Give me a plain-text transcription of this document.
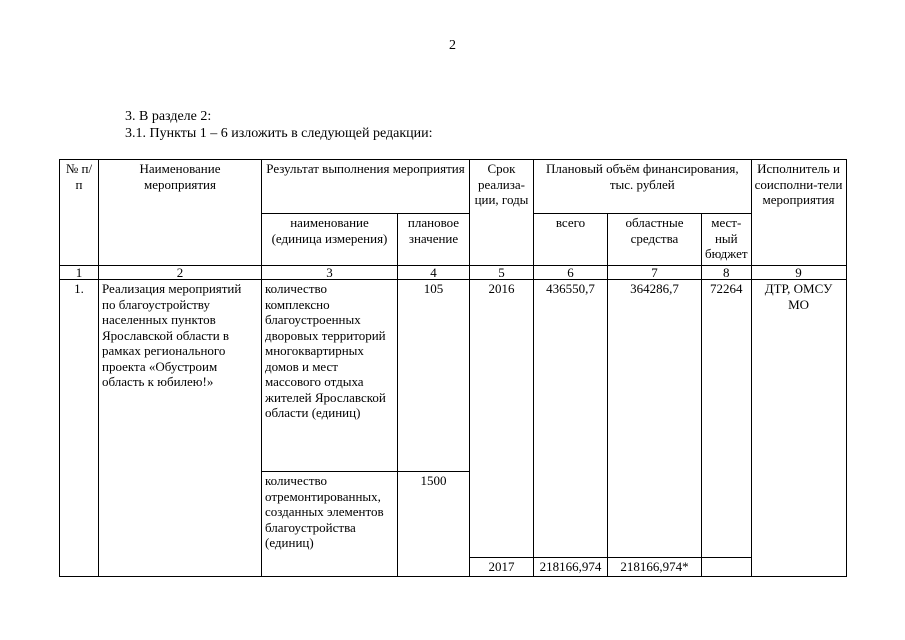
2
3. В разделе 2:
3.1. Пункты 1 – 6 изложить в следующей редакции:
№ п/п	Наименование мероприятия	Результат выполнения мероприятия		Срок реализа-ции, годы	Плановый объём финансирования, тыс. рублей			Исполнитель и соисполни-тели мероприятия
		наименование (единица измерения)	плановое значение		всего	областные средства	мест-ный бюджет	
1	2	3	4	5	6	7	8	9
1.	Реализация мероприятий по благоустройству населенных пунктов Ярославской области в рамках регионального проекта «Обустроим область к юбилею!»	количество комплексно благоустроенных дворовых территорий многоквартирных домов и мест массового отдыха жителей Ярославской области (единиц)	105	2016	436550,7	364286,7	72264	ДТР, ОМСУ МО
		количество отремонтированных, созданных элементов благоустройства (единиц)	1500					
				2017	218166,974	218166,974*		
